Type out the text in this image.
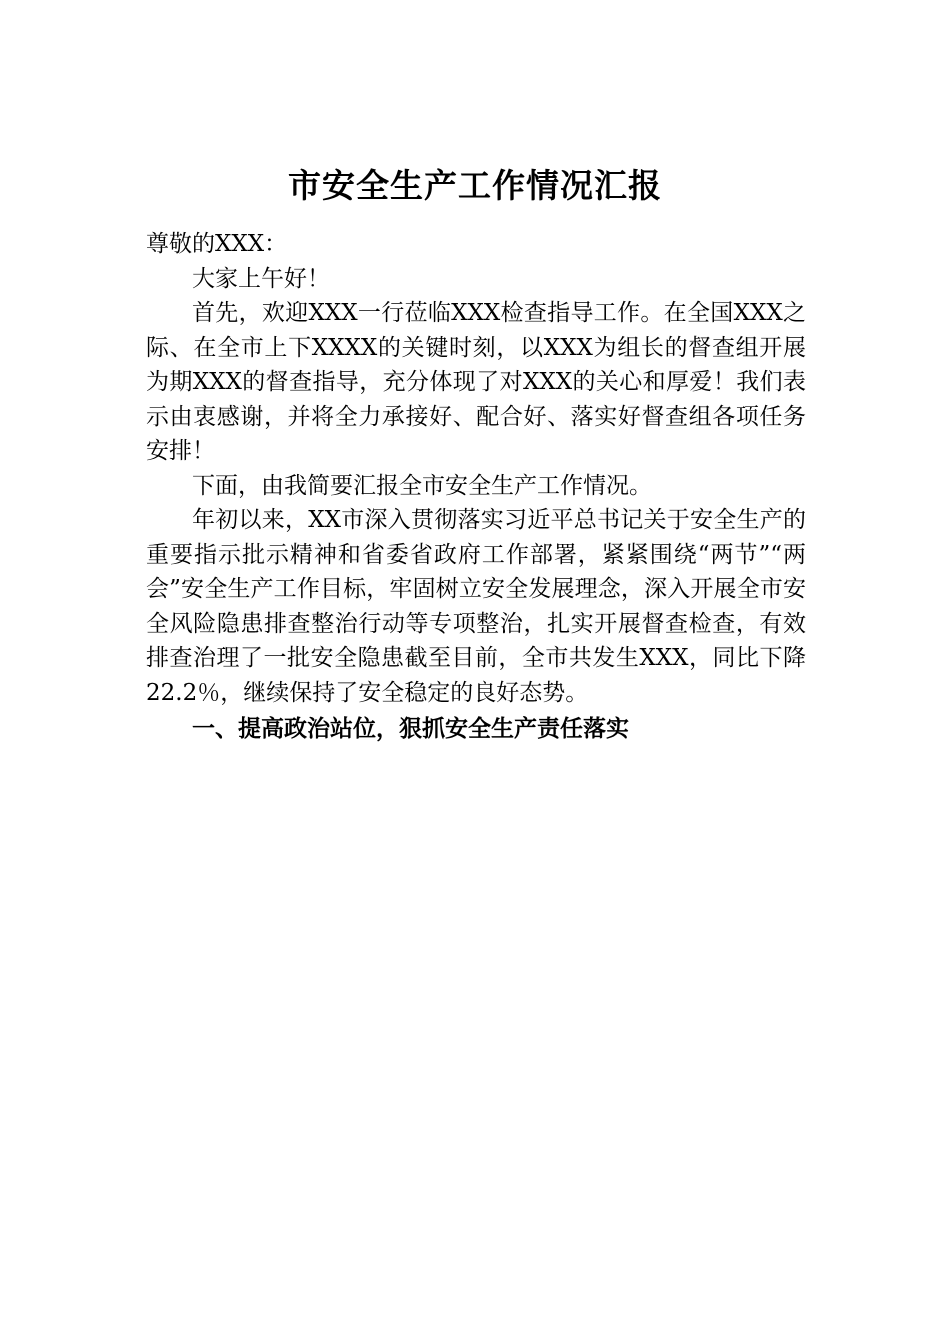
市安全生产工作情况汇报

尊敬的XXX：

大家上午好！

首先，欢迎XXX一行莅临XXX检查指导工作。在全国XXX之际、在全市上下XXXX的关键时刻，以XXX为组长的督查组开展为期XXX的督查指导，充分体现了对XXX的关心和厚爱！我们表示由衷感谢，并将全力承接好、配合好、落实好督查组各项任务安排！

下面，由我简要汇报全市安全生产工作情况。

年初以来，XX市深入贯彻落实习近平总书记关于安全生产的重要指示批示精神和省委省政府工作部署，紧紧围绕“两节”“两会”安全生产工作目标，牢固树立安全发展理念，深入开展全市安全风险隐患排查整治行动等专项整治，扎实开展督查检查，有效排查治理了一批安全隐患截至目前，全市共发生XXX，同比下降22.2％，继续保持了安全稳定的良好态势。

一、提高政治站位，狠抓安全生产责任落实
